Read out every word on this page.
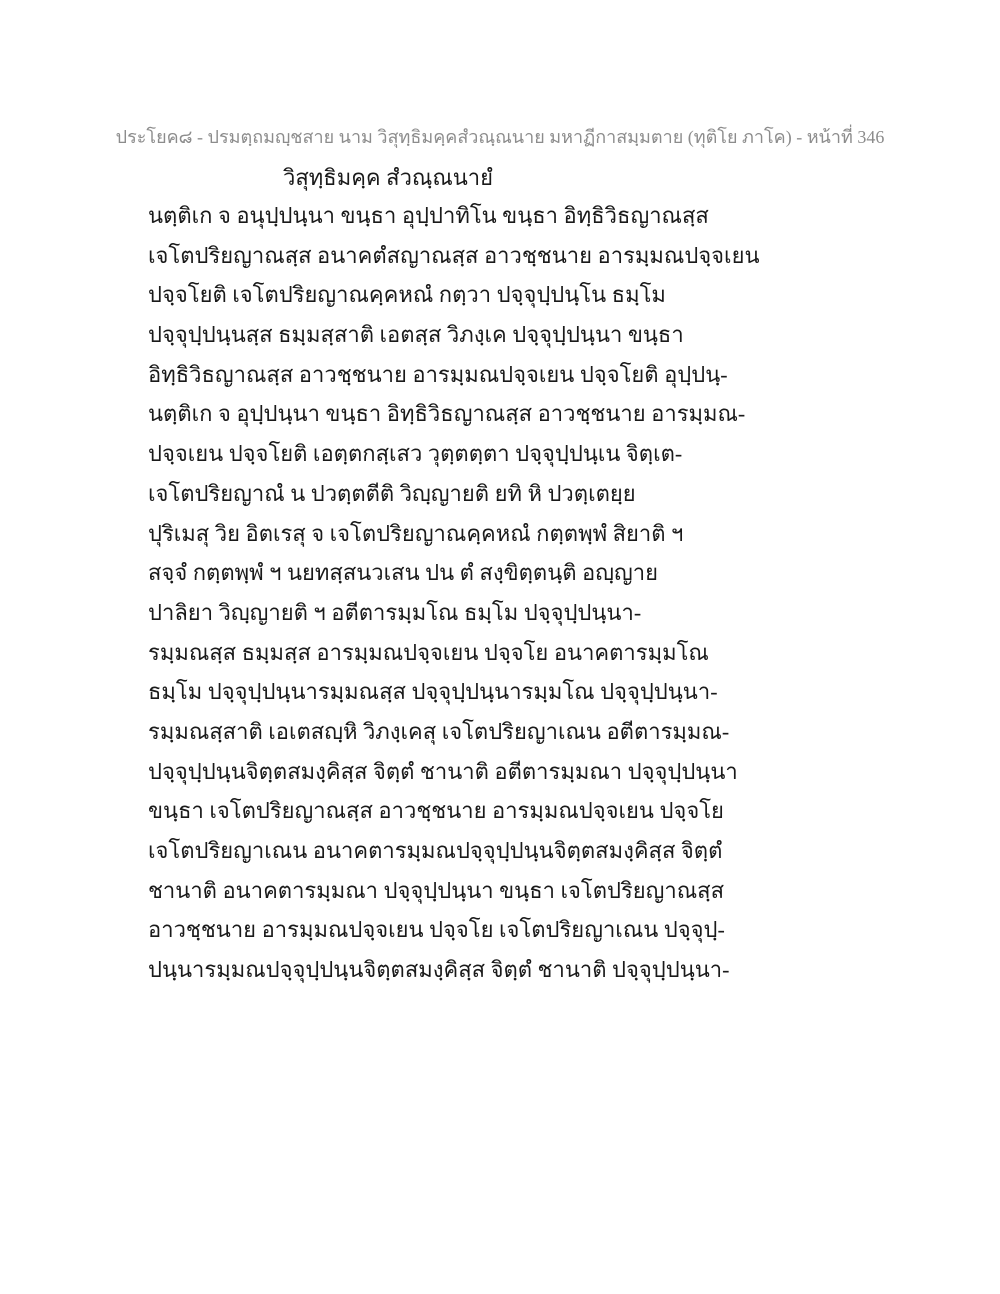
ประโยค๘ - ปรมตฺถมญฺชสาย นาม วิสุทฺธิมคฺคสํวณฺณนาย มหาฏีกาสมฺมตาย (ทุติโย ภาโค) - หน้าที่ 346
วิสุทฺธิมคฺค สํวณฺณนายํ
นตฺติเก จ อนุปฺปนฺนา ขนฺธา อุปฺปาทิโน ขนฺธา อิทฺธิวิธญาณสฺส
เจโตปริยญาณสฺส อนาคตํสญาณสฺส อาวชฺชนาย อารมฺมณปจฺจเยน
ปจฺจโยติ เจโตปริยญาณคฺคหณํ กตฺวา ปจฺจุปฺปนฺโน ธมฺโม
ปจฺจุปฺปนฺนสฺส ธมฺมสฺสาติ เอตสฺส วิภงฺเค ปจฺจุปฺปนฺนา ขนฺธา
อิทฺธิวิธญาณสฺส อาวชฺชนาย อารมฺมณปจฺจเยน ปจฺจโยติ อุปฺปนฺ-
นตฺติเก จ อุปฺปนฺนา ขนฺธา อิทฺธิวิธญาณสฺส อาวชฺชนาย อารมฺมณ-
ปจฺจเยน ปจฺจโยติ เอตฺตกสฺเสว วุตฺตตฺตา ปจฺจุปฺปนฺเน จิตฺเต-
เจโตปริยญาณํ น ปวตฺตตีติ วิญฺญายติ ยทิ หิ ปวตฺเตยฺย
ปุริเมสุ วิย อิตเรสุ จ เจโตปริยญาณคฺคหณํ กตฺตพฺพํ สิยาติ ฯ
สจฺจํ กตฺตพฺพํ ฯ นยทสฺสนวเสน ปน ตํ สงฺขิตฺตนฺติ อญฺญาย
ปาลิยา วิญฺญายติ ฯ อตีตารมฺมโณ ธมฺโม ปจฺจุปฺปนฺนา-
รมฺมณสฺส ธมฺมสฺส อารมฺมณปจฺจเยน ปจฺจโย อนาคตารมฺมโณ
ธมฺโม ปจฺจุปฺปนฺนารมฺมณสฺส ปจฺจุปฺปนฺนารมฺมโณ ปจฺจุปฺปนฺนา-
รมฺมณสฺสาติ เอเตสญฺหิ วิภงฺเคสุ เจโตปริยญาเณน อตีตารมฺมณ-
ปจฺจุปฺปนฺนจิตฺตสมงฺคิสฺส จิตฺตํ ชานาติ อตีตารมฺมณา ปจฺจุปฺปนฺนา
ขนฺธา เจโตปริยญาณสฺส อาวชฺชนาย อารมฺมณปจฺจเยน ปจฺจโย
เจโตปริยญาเณน อนาคตารมฺมณปจฺจุปฺปนฺนจิตฺตสมงฺคิสฺส จิตฺตํ
ชานาติ อนาคตารมฺมณา ปจฺจุปฺปนฺนา ขนฺธา เจโตปริยญาณสฺส
อาวชฺชนาย อารมฺมณปจฺจเยน ปจฺจโย เจโตปริยญาเณน ปจฺจุปฺ-
ปนฺนารมฺมณปจฺจุปฺปนฺนจิตฺตสมงฺคิสฺส จิตฺตํ ชานาติ ปจฺจุปฺปนฺนา-
